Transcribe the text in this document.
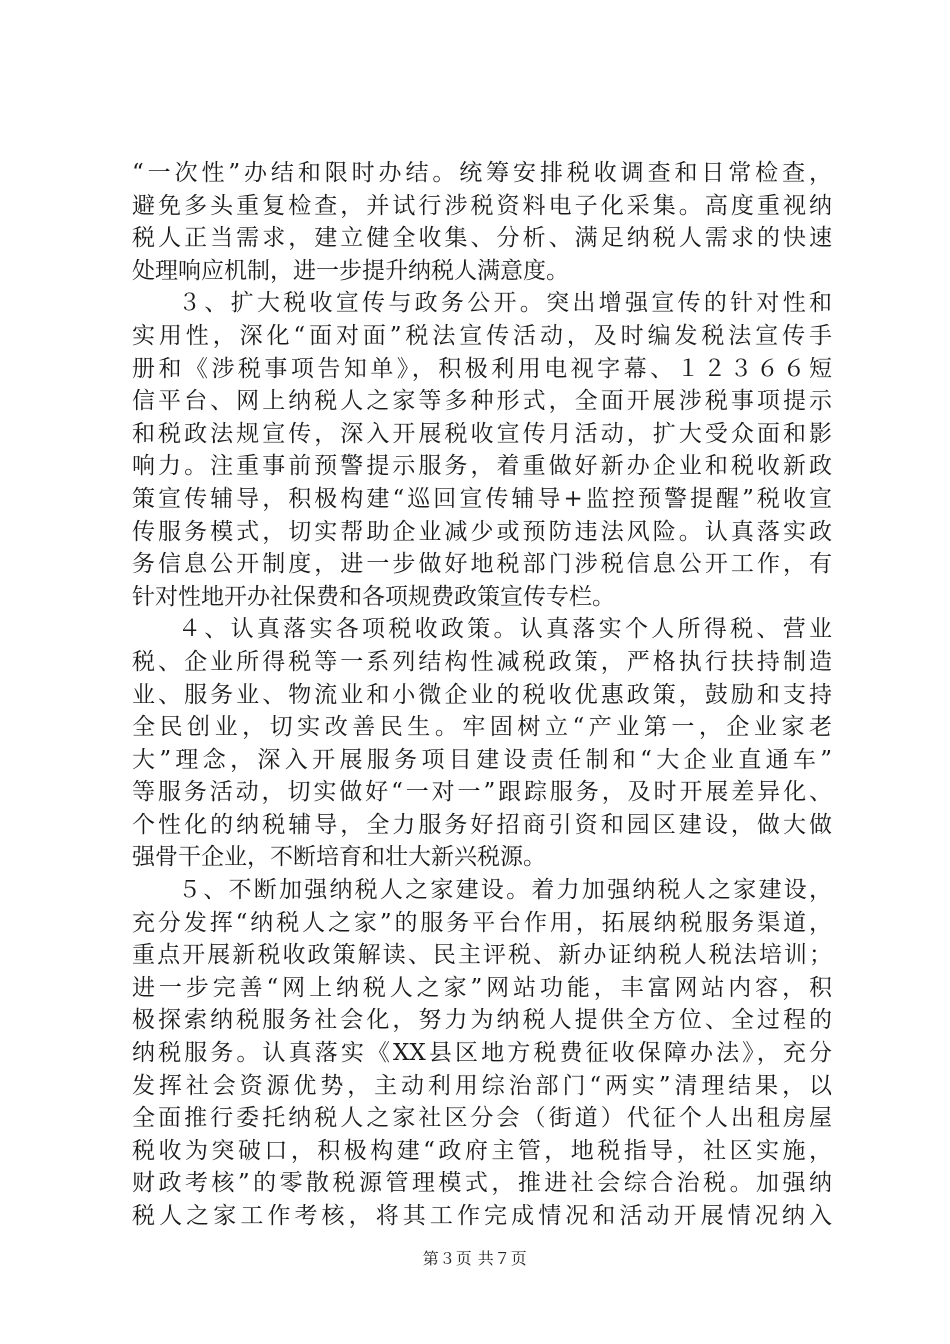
“一次性”办结和限时办结。统筹安排税收调查和日常检查，
避免多头重复检查，并试行涉税资料电子化采集。高度重视纳
税人正当需求，建立健全收集、分析、满足纳税人需求的快速
处理响应机制，进一步提升纳税人满意度。
３、扩大税收宣传与政务公开。突出增强宣传的针对性和
实用性，深化“面对面”税法宣传活动，及时编发税法宣传手
册和《涉税事项告知单》，积极利用电视字幕、１２３６６短
信平台、网上纳税人之家等多种形式，全面开展涉税事项提示
和税政法规宣传，深入开展税收宣传月活动，扩大受众面和影
响力。注重事前预警提示服务，着重做好新办企业和税收新政
策宣传辅导，积极构建“巡回宣传辅导+监控预警提醒”税收宣
传服务模式，切实帮助企业减少或预防违法风险。认真落实政
务信息公开制度，进一步做好地税部门涉税信息公开工作，有
针对性地开办社保费和各项规费政策宣传专栏。
４、认真落实各项税收政策。认真落实个人所得税、营业
税、企业所得税等一系列结构性减税政策，严格执行扶持制造
业、服务业、物流业和小微企业的税收优惠政策，鼓励和支持
全民创业，切实改善民生。牢固树立“产业第一，企业家老
大”理念，深入开展服务项目建设责任制和“大企业直通车”
等服务活动，切实做好“一对一”跟踪服务，及时开展差异化、
个性化的纳税辅导，全力服务好招商引资和园区建设，做大做
强骨干企业，不断培育和壮大新兴税源。
５、不断加强纳税人之家建设。着力加强纳税人之家建设，
充分发挥“纳税人之家”的服务平台作用，拓展纳税服务渠道，
重点开展新税收政策解读、民主评税、新办证纳税人税法培训；
进一步完善“网上纳税人之家”网站功能，丰富网站内容，积
极探索纳税服务社会化，努力为纳税人提供全方位、全过程的
纳税服务。认真落实《XX县区地方税费征收保障办法》，充分
发挥社会资源优势，主动利用综治部门“两实”清理结果，以
全面推行委托纳税人之家社区分会（街道）代征个人出租房屋
税收为突破口，积极构建“政府主管，地税指导，社区实施，
财政考核”的零散税源管理模式，推进社会综合治税。加强纳
税人之家工作考核，将其工作完成情况和活动开展情况纳入
第３页 共７页
